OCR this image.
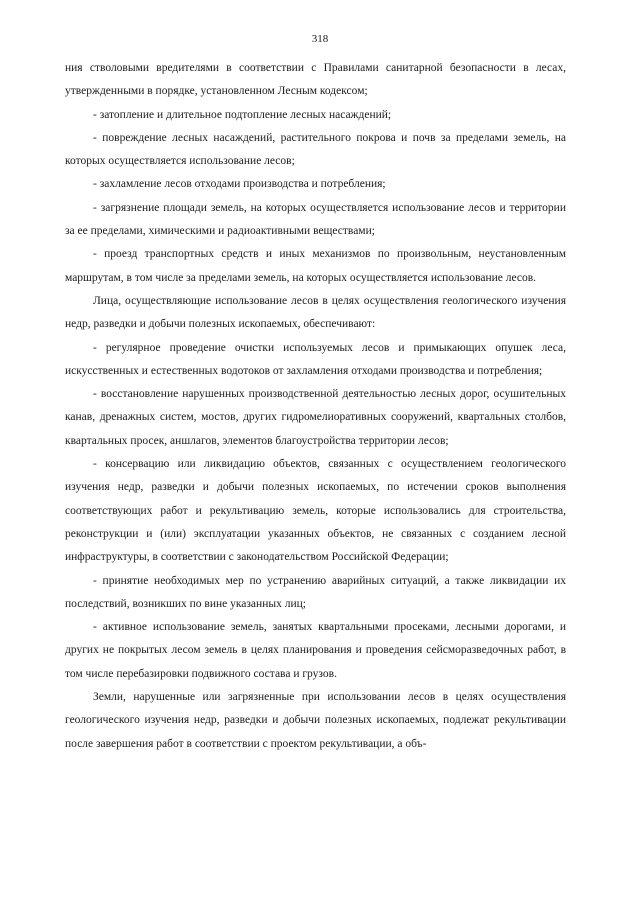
318

ния стволовыми вредителями в соответствии с Правилами санитарной безопасности в лесах, утвержденными в порядке, установленном Лесным кодексом;

- затопление и длительное подтопление лесных насаждений;

- повреждение лесных насаждений, растительного покрова и почв за пределами земель, на которых осуществляется использование лесов;

- захламление лесов отходами производства и потребления;

- загрязнение площади земель, на которых осуществляется использование лесов и территории за ее пределами, химическими и радиоактивными веществами;

- проезд транспортных средств и иных механизмов по произвольным, неустановленным маршрутам, в том числе за пределами земель, на которых осуществляется использование лесов.

Лица, осуществляющие использование лесов в целях осуществления геологического изучения недр, разведки и добычи полезных ископаемых, обеспечивают:

- регулярное проведение очистки используемых лесов и примыкающих опушек леса, искусственных и естественных водотоков от захламления отходами производства и потребления;

- восстановление нарушенных производственной деятельностью лесных дорог, осушительных канав, дренажных систем, мостов, других гидромелиоративных сооружений, квартальных столбов, квартальных просек, аншлагов, элементов благоустройства территории лесов;

- консервацию или ликвидацию объектов, связанных с осуществлением геологического изучения недр, разведки и добычи полезных ископаемых, по истечении сроков выполнения соответствующих работ и рекультивацию земель, которые использовались для строительства, реконструкции и (или) эксплуатации указанных объектов, не связанных с созданием лесной инфраструктуры, в соответствии с законодательством Российской Федерации;

- принятие необходимых мер по устранению аварийных ситуаций, а также ликвидации их последствий, возникших по вине указанных лиц;

- активное использование земель, занятых квартальными просеками, лесными дорогами, и других не покрытых лесом земель в целях планирования и проведения сейсморазведочных работ, в том числе перебазировки подвижного состава и грузов.

Земли, нарушенные или загрязненные при использовании лесов в целях осуществления геологического изучения недр, разведки и добычи полезных ископаемых, подлежат рекультивации после завершения работ в соответствии с проектом рекультивации, а объ-
